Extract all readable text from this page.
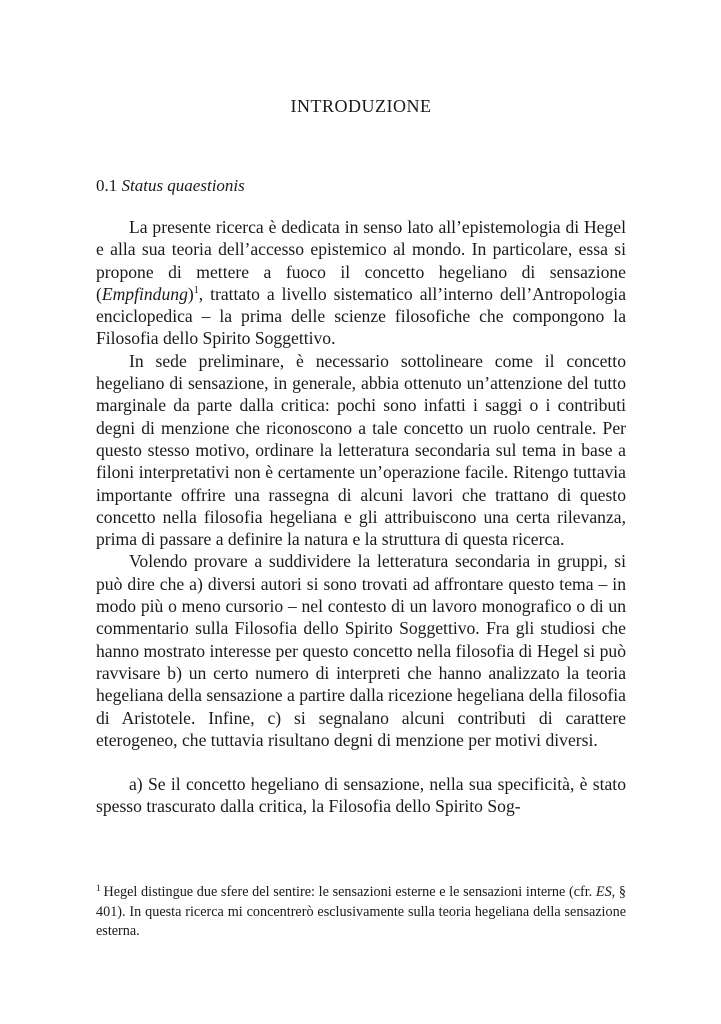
INTRODUZIONE
0.1 Status quaestionis

La presente ricerca è dedicata in senso lato all’epistemologia di Hegel e alla sua teoria dell’accesso epistemico al mondo. In particolare, essa si propone di mettere a fuoco il concetto hegeliano di sensazione (Empfindung)$^1$, trattato a livello sistematico all’interno dell’Antropologia enciclopedica – la prima delle scienze filosofiche che compongono la Filosofia dello Spirito Soggettivo.

In sede preliminare, è necessario sottolineare come il concetto hegeliano di sensazione, in generale, abbia ottenuto un’attenzione del tutto marginale da parte dalla critica: pochi sono infatti i saggi o i contributi degni di menzione che riconoscono a tale concetto un ruolo centrale. Per questo stesso motivo, ordinare la letteratura secondaria sul tema in base a filoni interpretativi non è certamente un’operazione facile. Ritengo tuttavia importante offrire una rassegna di alcuni lavori che trattano di questo concetto nella filosofia hegeliana e gli attribuiscono una certa rilevanza, prima di passare a definire la natura e la struttura di questa ricerca.

Volendo provare a suddividere la letteratura secondaria in gruppi, si può dire che a) diversi autori si sono trovati ad affrontare questo tema – in modo più o meno cursorio – nel contesto di un lavoro monografico o di un commentario sulla Filosofia dello Spirito Soggettivo. Fra gli studiosi che hanno mostrato interesse per questo concetto nella filosofia di Hegel si può ravvisare b) un certo numero di interpreti che hanno analizzato la teoria hegeliana della sensazione a partire dalla ricezione hegeliana della filosofia di Aristotele. Infine, c) si segnalano alcuni contributi di carattere eterogeneo, che tuttavia risultano degni di menzione per motivi diversi.

a) Se il concetto hegeliano di sensazione, nella sua specificità, è stato spesso trascurato dalla critica, la Filosofia dello Spirito Sog-

$^1$ Hegel distingue due sfere del sentire: le sensazioni esterne e le sensazioni interne (cfr. ES, § 401). In questa ricerca mi concentrerò esclusivamente sulla teoria hegeliana della sensazione esterna.
